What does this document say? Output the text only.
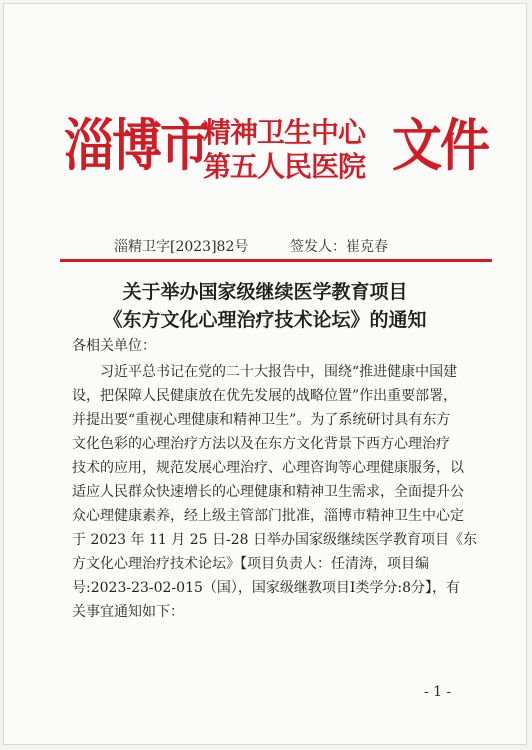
淄博市
精神卫生中心
第五人民医院 文件
淄精卫字[2023]82号	签发人：崔克春
关于举办国家级继续医学教育项目
《东方文化心理治疗技术论坛》的通知
各相关单位：
习近平总书记在党的二十大报告中，围绕“推进健康中国建
设，把保障人民健康放在优先发展的战略位置”作出重要部署，
并提出要“重视心理健康和精神卫生”。为了系统研讨具有东方
文化色彩的心理治疗方法以及在东方文化背景下西方心理治疗
技术的应用，规范发展心理治疗、心理咨询等心理健康服务，以
适应人民群众快速增长的心理健康和精神卫生需求，全面提升公
众心理健康素养，经上级主管部门批准，淄博市精神卫生中心定
于 2023 年 11 月 25 日-28 日举办国家级继续医学教育项目《东
方文化心理治疗技术论坛》【项目负责人：任清涛，项目编
号:2023-23-02-015（国），国家级继教项目Ⅰ类学分:8分】，有
关事宜通知如下：
- 1 -
